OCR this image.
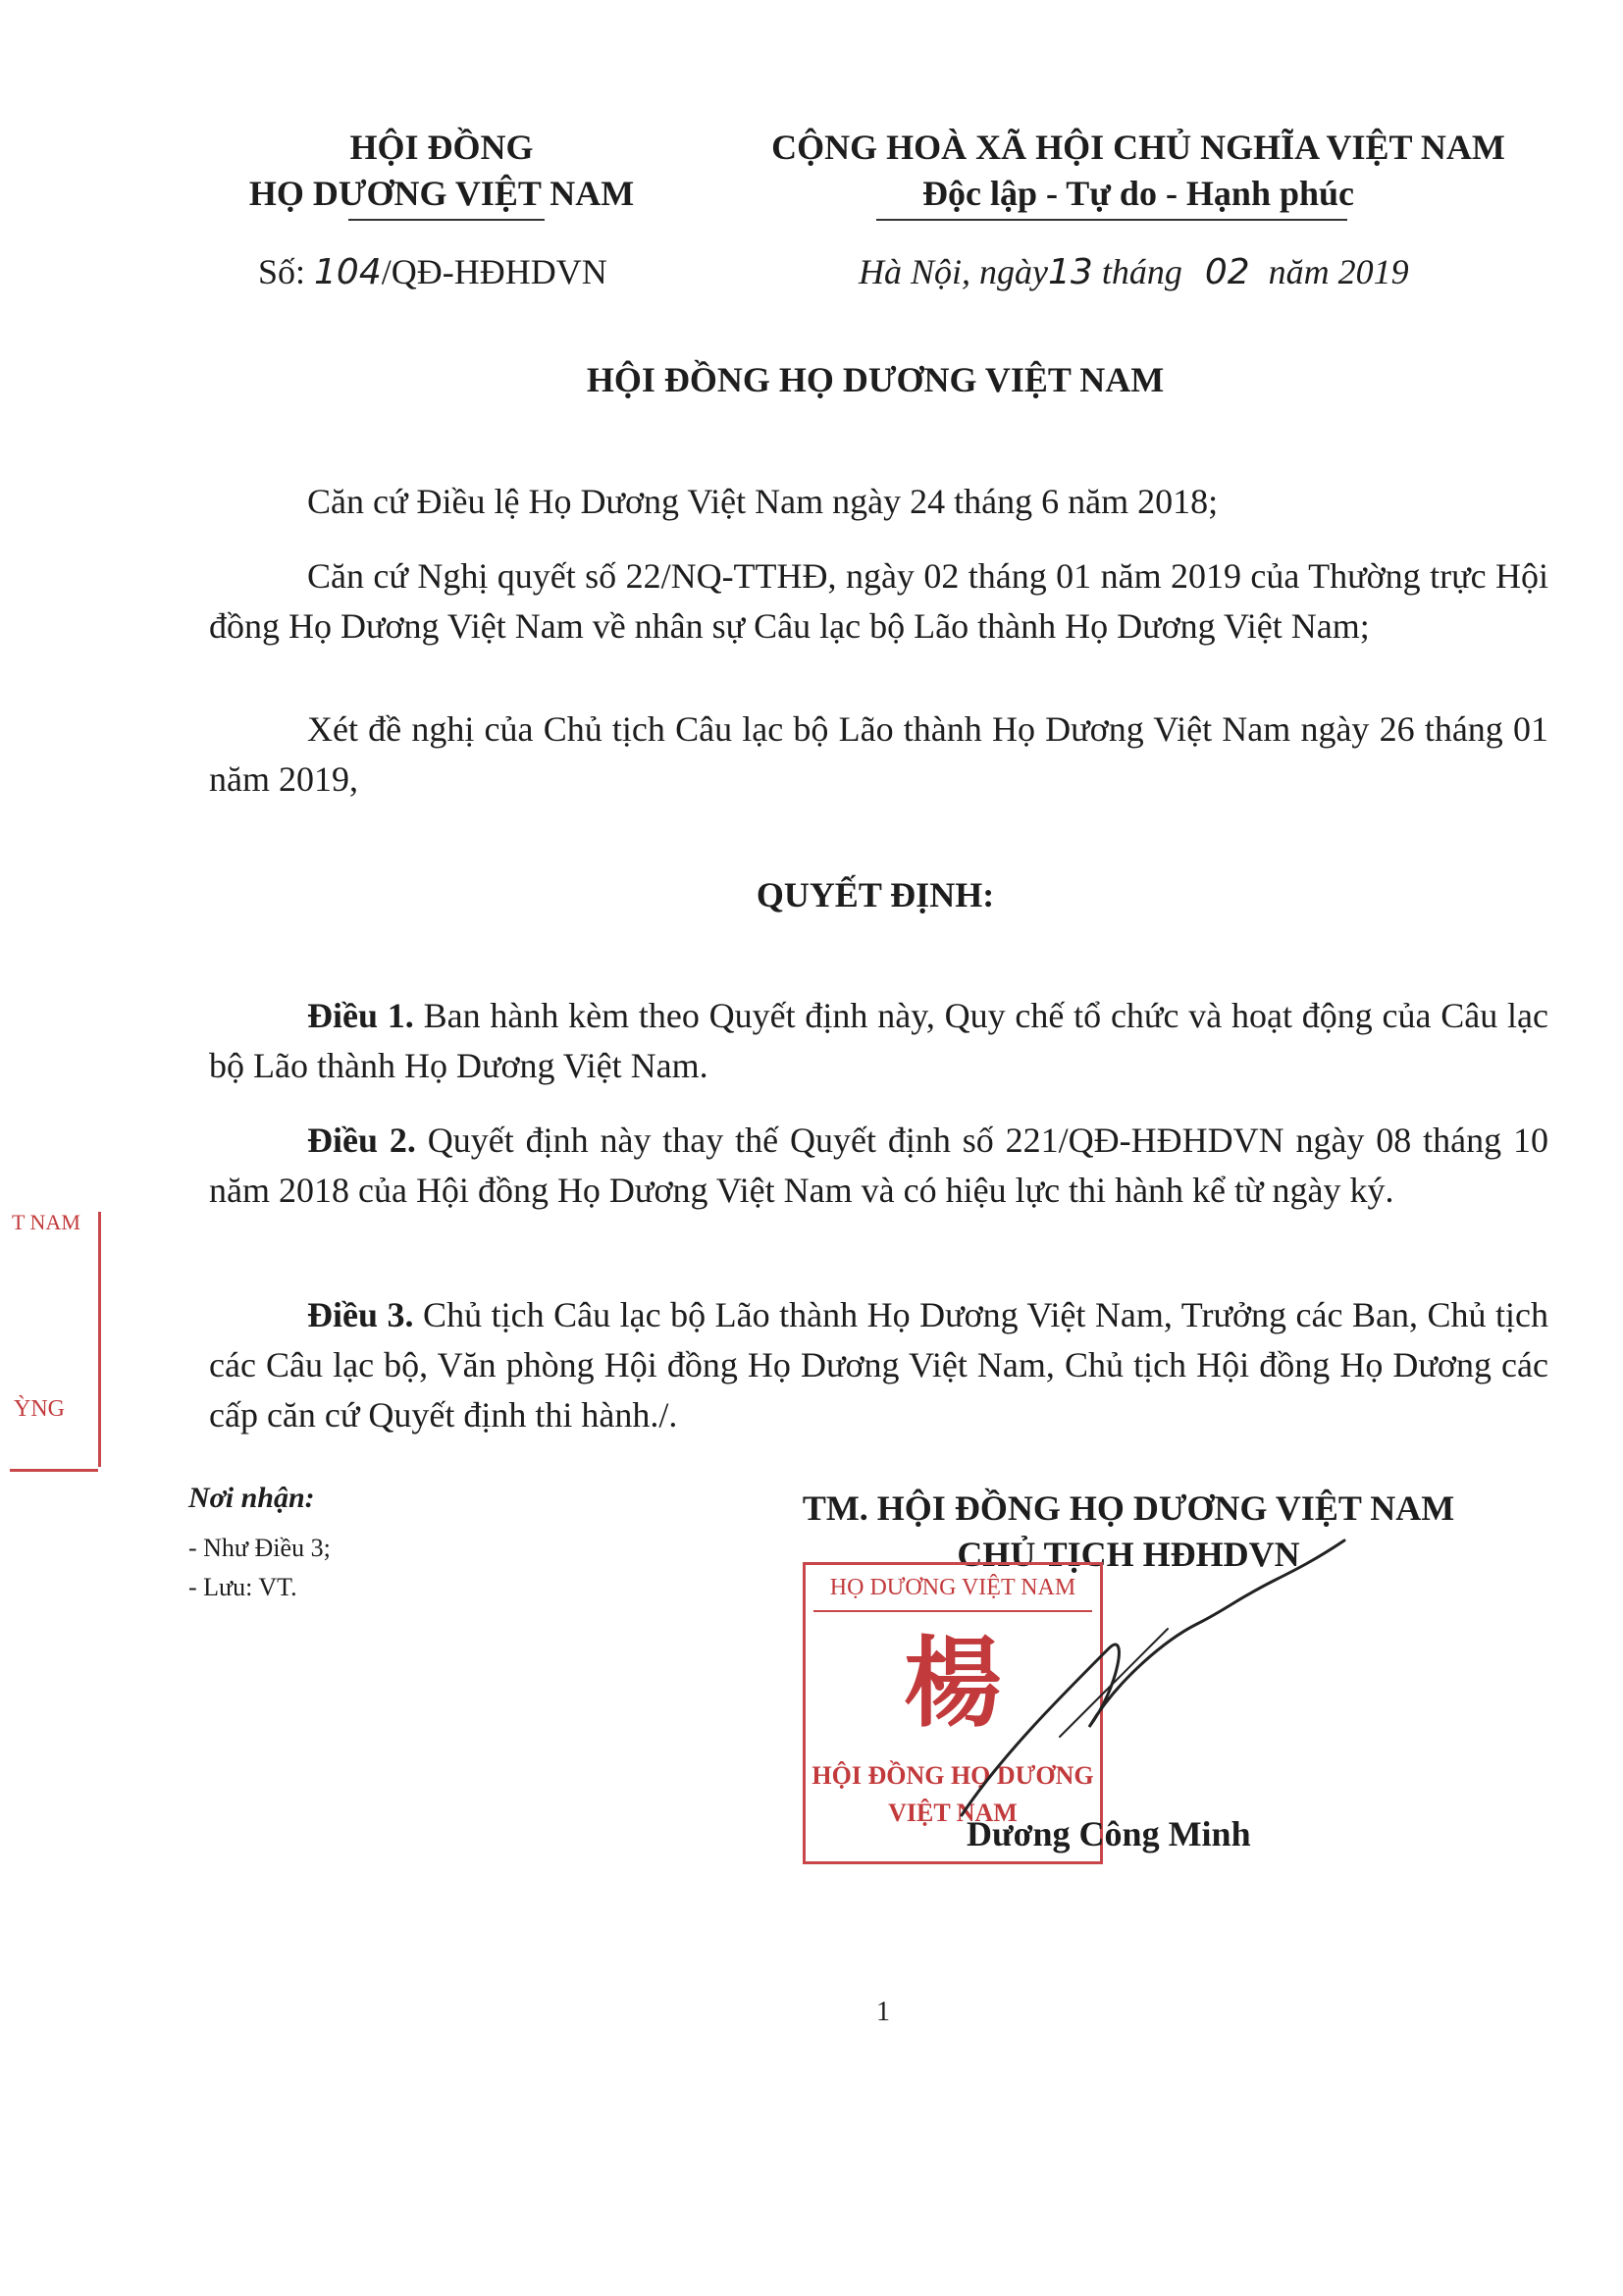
HỘI ĐỒNG
HỌ DƯƠNG VIỆT NAM
Số: 104/QĐ-HĐHDVN
CỘNG HOÀ XÃ HỘI CHỦ NGHĨA VIỆT NAM
Độc lập - Tự do - Hạnh phúc
Hà Nội, ngày13 tháng 02 năm 2019
HỘI ĐỒNG HỌ DƯƠNG VIỆT NAM
Căn cứ Điều lệ Họ Dương Việt Nam ngày 24 tháng 6 năm 2018;
Căn cứ Nghị quyết số 22/NQ-TTHĐ, ngày 02 tháng 01 năm 2019 của Thường trực Hội đồng Họ Dương Việt Nam về nhân sự Câu lạc bộ Lão thành Họ Dương Việt Nam;
Xét đề nghị của Chủ tịch Câu lạc bộ Lão thành Họ Dương Việt Nam ngày 26 tháng 01 năm 2019,
QUYẾT ĐỊNH:
Điều 1. Ban hành kèm theo Quyết định này, Quy chế tổ chức và hoạt động của Câu lạc bộ Lão thành Họ Dương Việt Nam.
Điều 2. Quyết định này thay thế Quyết định số 221/QĐ-HĐHDVN ngày 08 tháng 10 năm 2018 của Hội đồng Họ Dương Việt Nam và có hiệu lực thi hành kể từ ngày ký.
Điều 3. Chủ tịch Câu lạc bộ Lão thành Họ Dương Việt Nam, Trưởng các Ban, Chủ tịch các Câu lạc bộ, Văn phòng Hội đồng Họ Dương Việt Nam, Chủ tịch Hội đồng Họ Dương các cấp căn cứ Quyết định thi hành./.
Nơi nhận:
- Như Điều 3;
- Lưu: VT.
TM. HỘI ĐỒNG HỌ DƯƠNG VIỆT NAM
CHỦ TỊCH HĐHDVN
HỌ DƯƠNG VIỆT NAM
楊
HỘI ĐỒNG HỌ DƯƠNG
VIỆT NAM
Dương Công Minh
T NAM
ỲNG
1
